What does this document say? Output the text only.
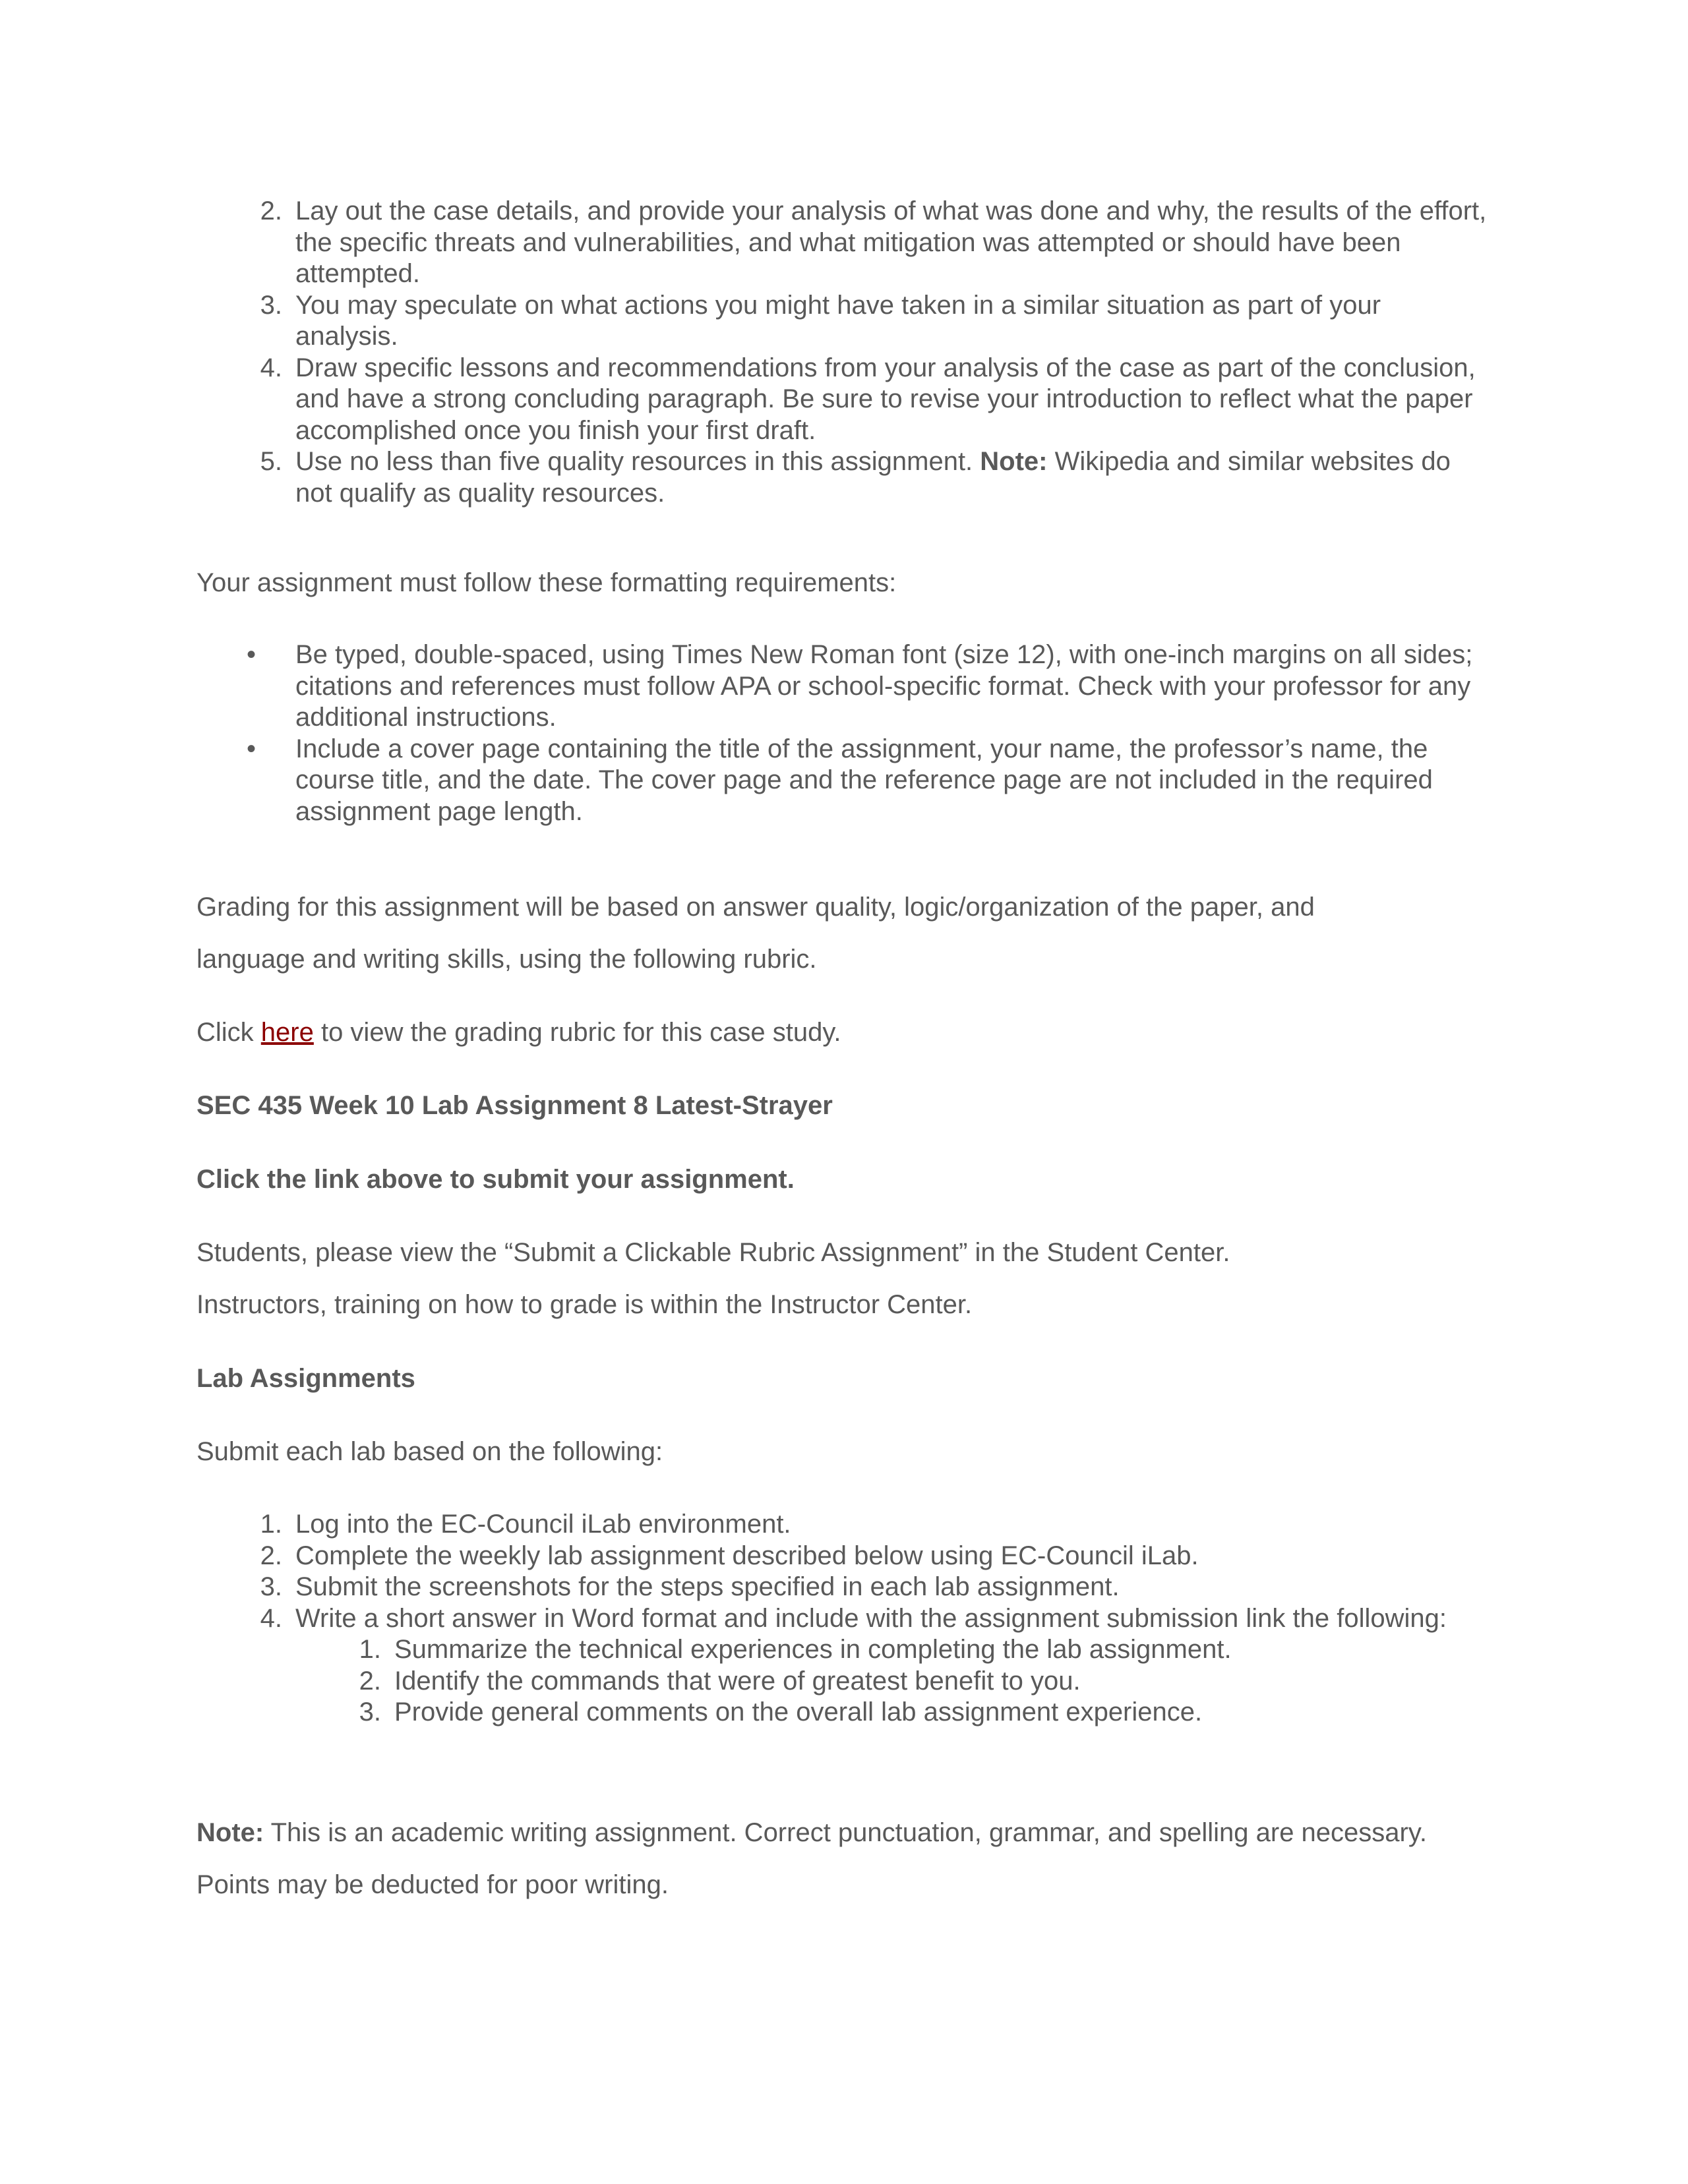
2. Lay out the case details, and provide your analysis of what was done and why, the results of the effort, the specific threats and vulnerabilities, and what mitigation was attempted or should have been attempted.
3. You may speculate on what actions you might have taken in a similar situation as part of your analysis.
4. Draw specific lessons and recommendations from your analysis of the case as part of the conclusion, and have a strong concluding paragraph. Be sure to revise your introduction to reflect what the paper accomplished once you finish your first draft.
5. Use no less than five quality resources in this assignment. Note: Wikipedia and similar websites do not qualify as quality resources.

Your assignment must follow these formatting requirements:

• Be typed, double-spaced, using Times New Roman font (size 12), with one-inch margins on all sides; citations and references must follow APA or school-specific format. Check with your professor for any additional instructions.
• Include a cover page containing the title of the assignment, your name, the professor’s name, the course title, and the date. The cover page and the reference page are not included in the required assignment page length.

Grading for this assignment will be based on answer quality, logic/organization of the paper, and

language and writing skills, using the following rubric.

Click here to view the grading rubric for this case study.

SEC 435 Week 10 Lab Assignment 8 Latest-Strayer

Click the link above to submit your assignment.

Students, please view the “Submit a Clickable Rubric Assignment” in the Student Center.

Instructors, training on how to grade is within the Instructor Center.

Lab Assignments

Submit each lab based on the following:

1. Log into the EC-Council iLab environment.
2. Complete the weekly lab assignment described below using EC-Council iLab.
3. Submit the screenshots for the steps specified in each lab assignment.
4. Write a short answer in Word format and include with the assignment submission link the following:
1. Summarize the technical experiences in completing the lab assignment.
2. Identify the commands that were of greatest benefit to you.
3. Provide general comments on the overall lab assignment experience.

Note: This is an academic writing assignment. Correct punctuation, grammar, and spelling are necessary.

Points may be deducted for poor writing.
